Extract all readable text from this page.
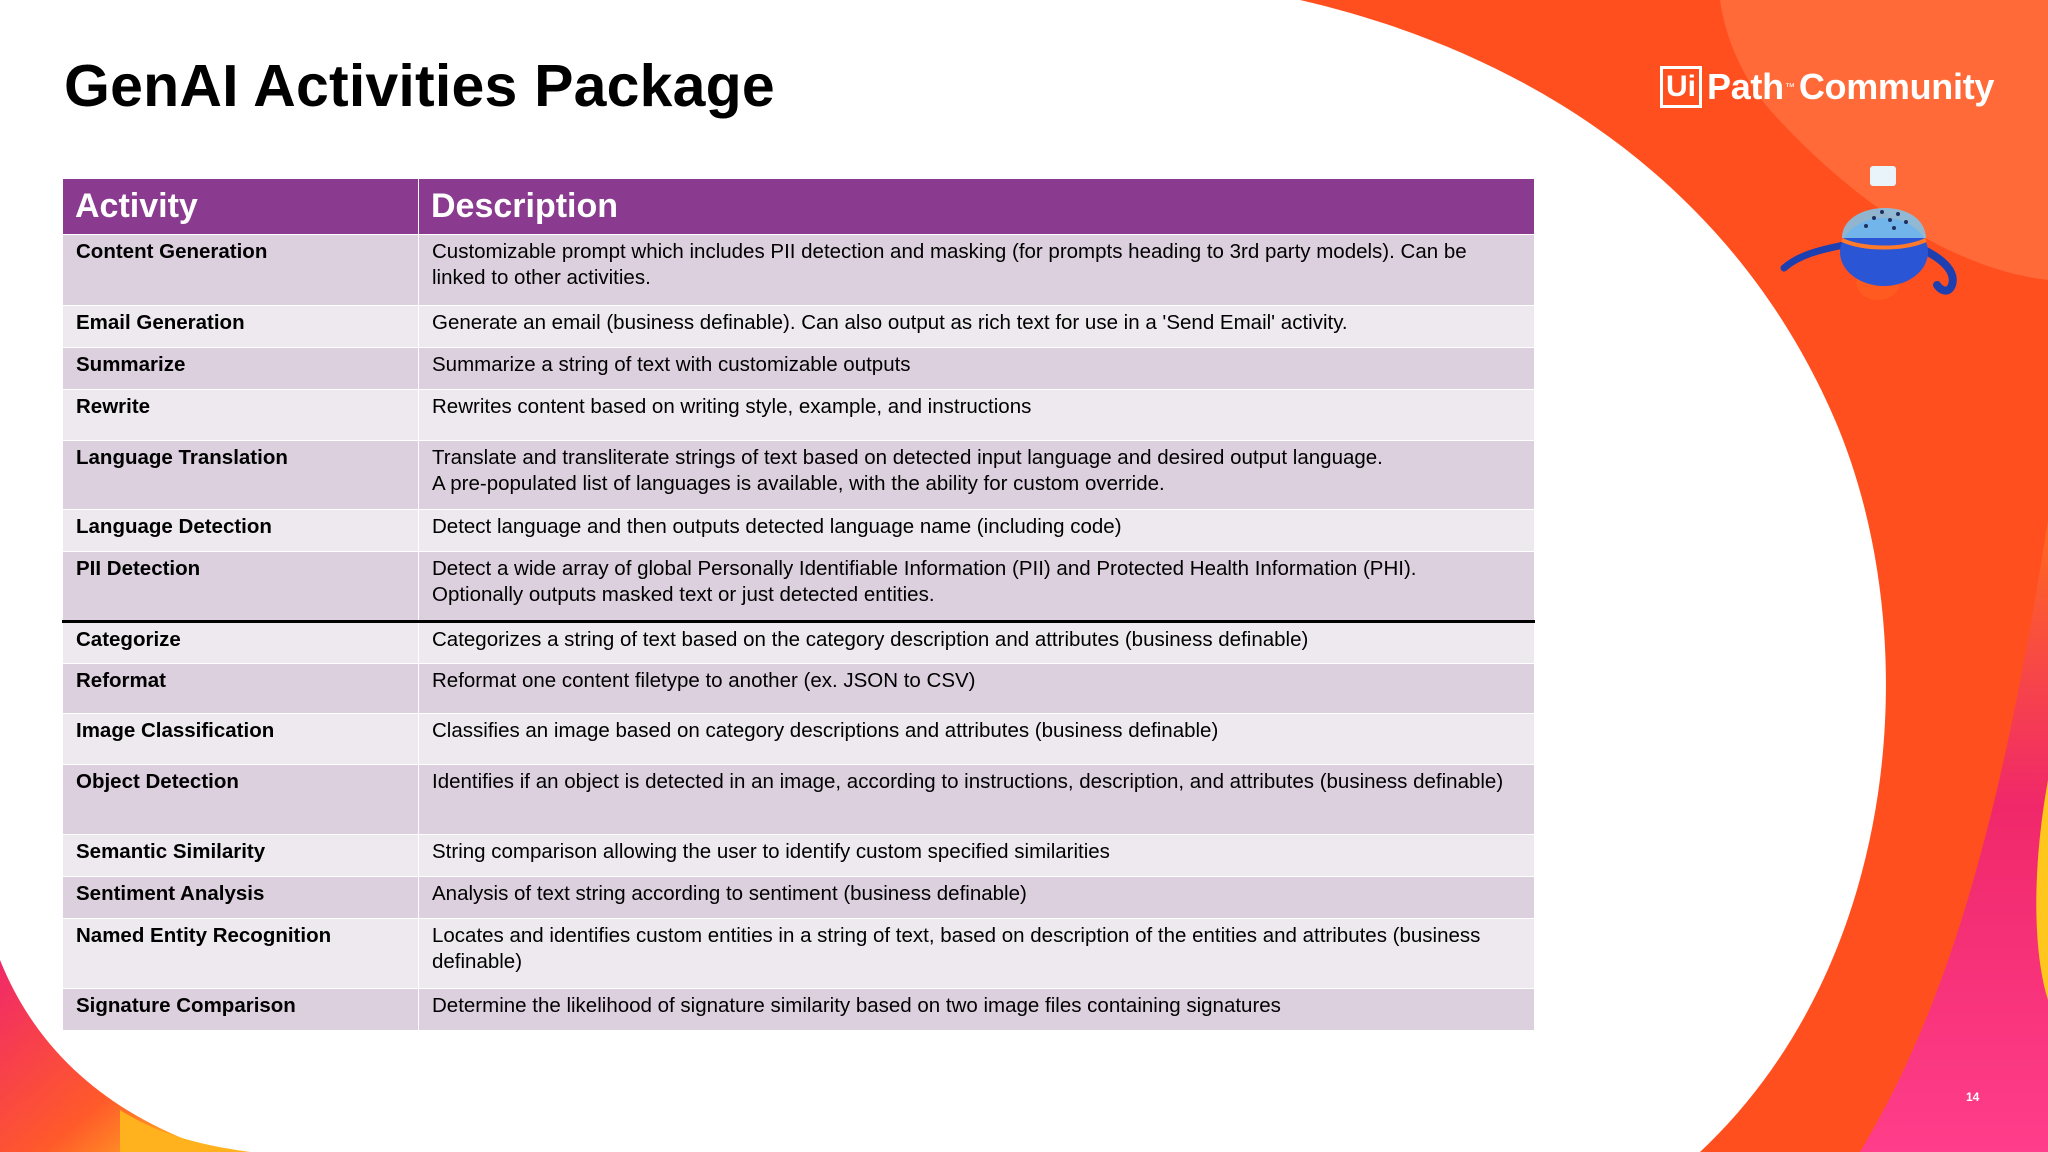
GenAI Activities Package	Ui Path ™ Community
Activity	Description
Content Generation	Customizable prompt which includes PII detection and masking (for prompts heading to 3rd party models). Can be linked to other activities.
Email Generation	Generate an email (business definable). Can also output as rich text for use in a 'Send Email' activity.
Summarize	Summarize a string of text with customizable outputs
Rewrite	Rewrites content based on writing style, example, and instructions
Language Translation	Translate and transliterate strings of text based on detected input language and desired output language.
A pre-populated list of languages is available, with the ability for custom override.
Language Detection	Detect language and then outputs detected language name (including code)
PII Detection	Detect a wide array of global Personally Identifiable Information (PII) and Protected Health Information (PHI).
Optionally outputs masked text or just detected entities.
Categorize	Categorizes a string of text based on the category description and attributes (business definable)
Reformat	Reformat one content filetype to another (ex. JSON to CSV)
Image Classification	Classifies an image based on category descriptions and attributes (business definable)
Object Detection	Identifies if an object is detected in an image, according to instructions, description, and attributes (business definable)
Semantic Similarity	String comparison allowing the user to identify custom specified similarities
Sentiment Analysis	Analysis of text string according to sentiment (business definable)
Named Entity Recognition	Locates and identifies custom entities in a string of text, based on description of the entities and attributes (business definable)
Signature Comparison	Determine the likelihood of signature similarity based on two image files containing signatures
14
